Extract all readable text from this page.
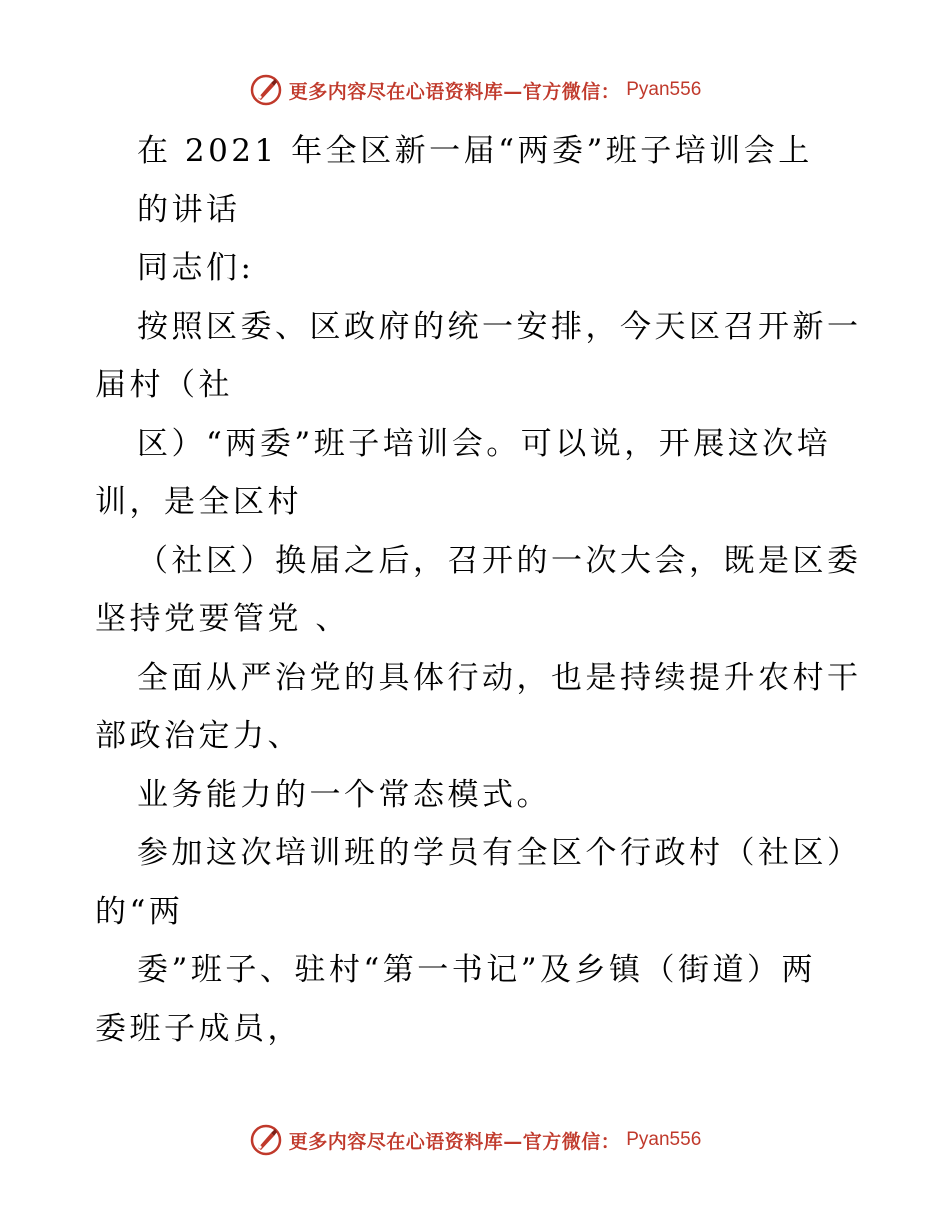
更多内容尽在心语资料库—官方微信： Pyan556
在 2021 年全区新一届“两委”班子培训会上
的讲话
同志们:
按照区委、区政府的统一安排，今天区召开新一
届村（社
区）“两委”班子培训会。可以说，开展这次培
训，是全区村
（社区）换届之后，召开的一次大会，既是区委
坚持党要管党 、
全面从严治党的具体行动，也是持续提升农村干
部政治定力、
业务能力的一个常态模式。
参加这次培训班的学员有全区个行政村（社区）
的“两
委”班子、驻村“第一书记”及乡镇（街道）两
委班子成员，
更多内容尽在心语资料库—官方微信： Pyan556
